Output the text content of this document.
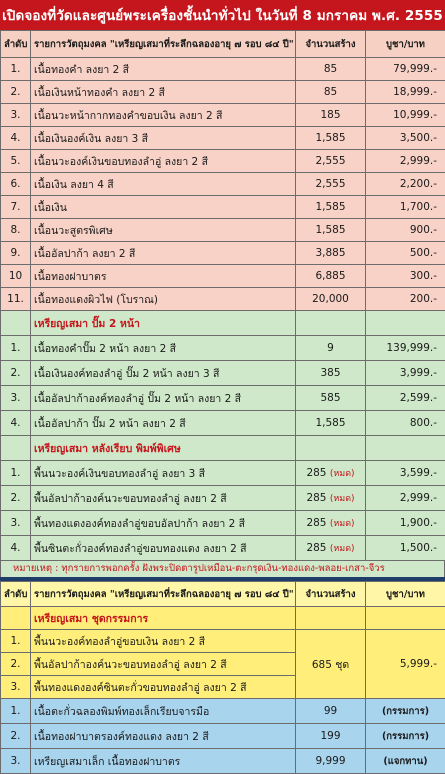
เปิดจองที่วัดและศูนย์พระเครื่องชั้นนำทั่วไป ในวันที่ 8 มกราคม พ.ศ. 2555
ลำดับ	รายการวัตถุมงคล "เหรียญเสมาที่ระลึกฉลองอายุ ๗ รอบ ๘๔ ปี"	จำนวนสร้าง	บูชา/บาท
1.	เนื้อทองคำ ลงยา 2 สี	85	79,999.-
2.	เนื้อเงินหน้าทองคำ ลงยา 2 สี	85	18,999.-
3.	เนื้อนวะหน้ากากทองคำขอบเงิน ลงยา 2 สี	185	10,999.-
4.	เนื้อเงินองค์เงิน ลงยา 3 สี	1,585	3,500.-
5.	เนื้อนวะองค์เงินขอบทองลำอู่ ลงยา 2 สี	2,555	2,999.-
6.	เนื้อเงิน ลงยา 4 สี	2,555	2,200.-
7.	เนื้อเงิน	1,585	1,700.-
8.	เนื้อนวะสูตรพิเศษ	1,585	900.-
9.	เนื้ออัลปาก้า ลงยา 2 สี	3,885	500.-
10	เนื้อทองฝาบาตร	6,885	300.-
11.	เนื้อทองแดงผิวไฟ (โบราณ)	20,000	200.-
	เหรียญเสมา ปั๊ม 2 หน้า		
1.	เนื้อทองคำปั๊ม 2 หน้า ลงยา 2 สี	9	139,999.-
2.	เนื้อเงินองค์ทองลำอู่ ปั๊ม 2 หน้า ลงยา 3 สี	385	3,999.-
3.	เนื้ออัลปาก้าองค์ทองลำอู่ ปั๊ม 2 หน้า ลงยา 2 สี	585	2,599.-
4.	เนื้ออัลปาก้า ปั๊ม 2 หน้า ลงยา 2 สี	1,585	800.-
	เหรียญเสมา หลังเรียบ พิมพ์พิเศษ		
1.	พื้นนวะองค์เงินขอบทองลำอู่ ลงยา 3 สี	285 (หมด)	3,599.-
2.	พื้นอัลปาก้าองค์นวะขอบทองลำอู่ ลงยา 2 สี	285 (หมด)	2,999.-
3.	พื้นทองแดงองค์ทองลำอู่ขอบอัลปาก้า ลงยา 2 สี	285 (หมด)	1,900.-
4.	พื้นซินตะกั่วองค์ทองลำอู่ขอบทองแดง ลงยา 2 สี	285 (หมด)	1,500.-
หมายเหตุ : ทุกรายการพอกครั้ง ฝังพระปิดตารูปเหมือน-ตะกรุดเงิน-ทองแดง-พลอย-เกสา-จีวร
ลำดับ	รายการวัตถุมงคล "เหรียญเสมาที่ระลึกฉลองอายุ ๗ รอบ ๘๔ ปี"	จำนวนสร้าง	บูชา/บาท
	เหรียญเสมา ชุดกรรมการ		
1.	พื้นนวะองค์ทองลำอู่ขอบเงิน ลงยา 2 สี	685 ชุด	5,999.-
2.	พื้นอัลปาก้าองค์นวะขอบทองลำอู่ ลงยา 2 สี		
3.	พื้นทองแดงองค์ซินตะกั่วขอบทองลำอู่ ลงยา 2 สี		
1.	เนื้อตะกั่วฉลองพิมพ์ทองเล็กเรียบจารมือ	99	(กรรมการ)
2.	เนื้อทองฝาบาตรองค์ทองแดง ลงยา 2 สี	199	(กรรมการ)
3.	เหรียญเสมาเล็ก เนื้อทองฝาบาตร	9,999	(แจกทาน)
